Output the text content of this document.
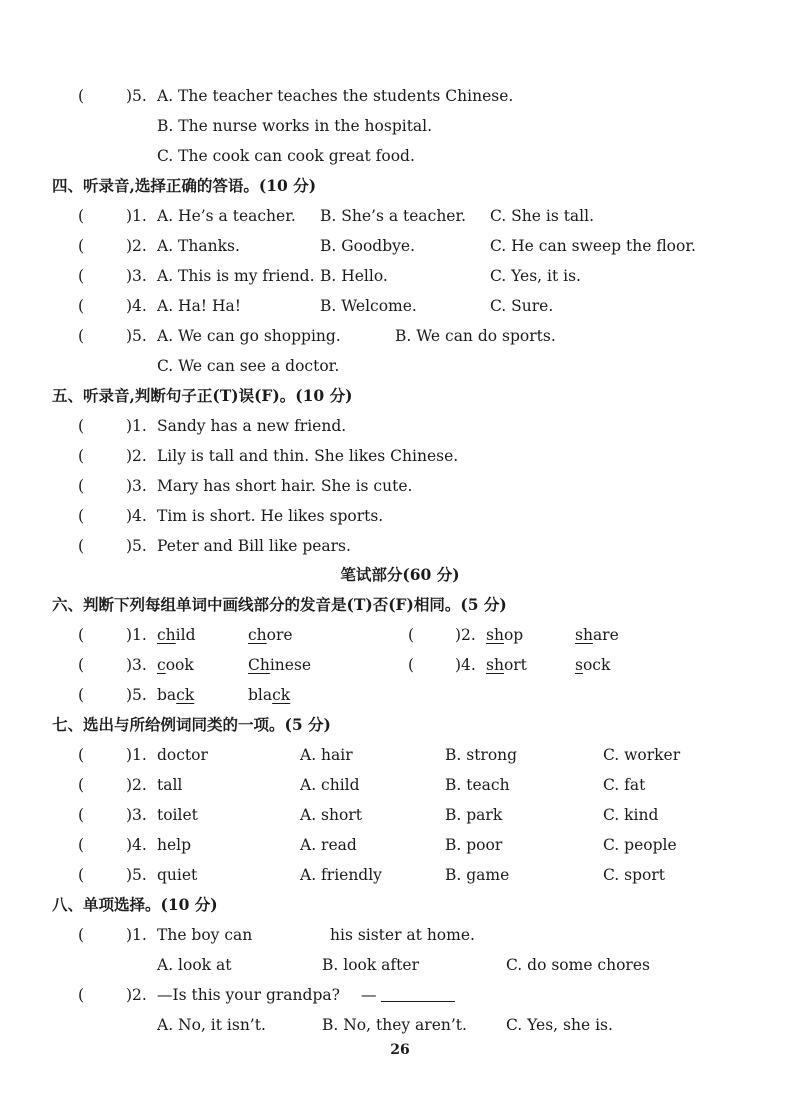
(	)5. A. The teacher teaches the students Chinese.
B. The nurse works in the hospital.
C. The cook can cook great food.
四、听录音,选择正确的答语。(10 分)
(	)1. A. He’s a teacher. B. She’s a teacher. C. She is tall.
(	)2. A. Thanks.	B. Goodbye.	C. He can sweep the floor.
(	)3. A. This is my friend. B. Hello.	C. Yes, it is.
(	)4. A. Ha! Ha!	B. Welcome.	C. Sure.
(	)5. A. We can go shopping.	B. We can do sports.
C. We can see a doctor.
五、听录音,判断句子正(T)误(F)。(10 分)
(	)1. Sandy has a new friend.
(	)2. Lily is tall and thin. She likes Chinese.
(	)3. Mary has short hair. She is cute.
(	)4. Tim is short. He likes sports.
(	)5. Peter and Bill like pears.
笔试部分(60 分)
六、判断下列每组单词中画线部分的发音是(T)否(F)相同。(5 分)
(	)1. child	chore	(	)2. shop	share
(	)3. cook	Chinese	(	)4. short	sock
(	)5. back	black
七、选出与所给例词同类的一项。(5 分)
(	)1. doctor	A. hair	B. strong	C. worker
(	)2. tall	A. child	B. teach	C. fat
(	)3. toilet	A. short	B. park	C. kind
(	)4. help	A. read	B. poor	C. people
(	)5. quiet	A. friendly	B. game	C. sport
八、单项选择。(10 分)
(	)1. The boy can	his sister at home.
A. look at	B. look after	C. do some chores
(	)2. —Is this your grandpa? —
A. No, it isn’t.	B. No, they aren’t.	C. Yes, she is.
26
